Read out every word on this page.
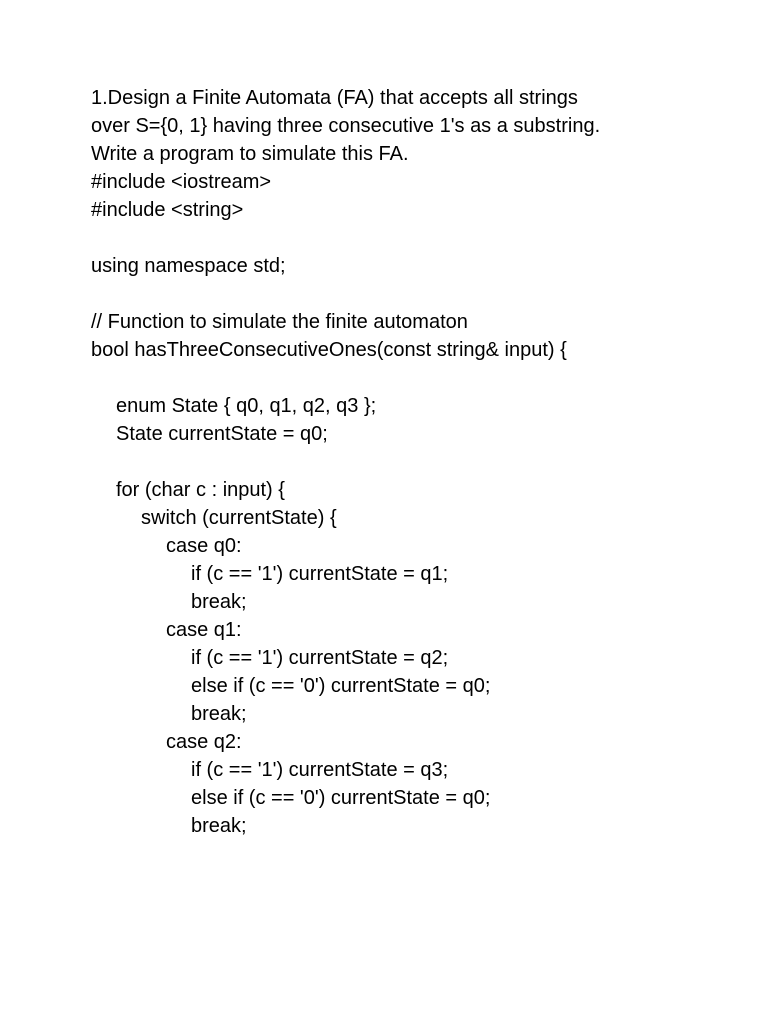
1.Design a Finite Automata (FA) that accepts all strings
over S={0, 1} having three consecutive 1's as a substring.
Write a program to simulate this FA.
#include <iostream>
#include <string>
using namespace std;
// Function to simulate the finite automaton
bool hasThreeConsecutiveOnes(const string& input) {
enum State { q0, q1, q2, q3 };
State currentState = q0;
for (char c : input) {
switch (currentState) {
case q0:
if (c == '1') currentState = q1;
break;
case q1:
if (c == '1') currentState = q2;
else if (c == '0') currentState = q0;
break;
case q2:
if (c == '1') currentState = q3;
else if (c == '0') currentState = q0;
break;
